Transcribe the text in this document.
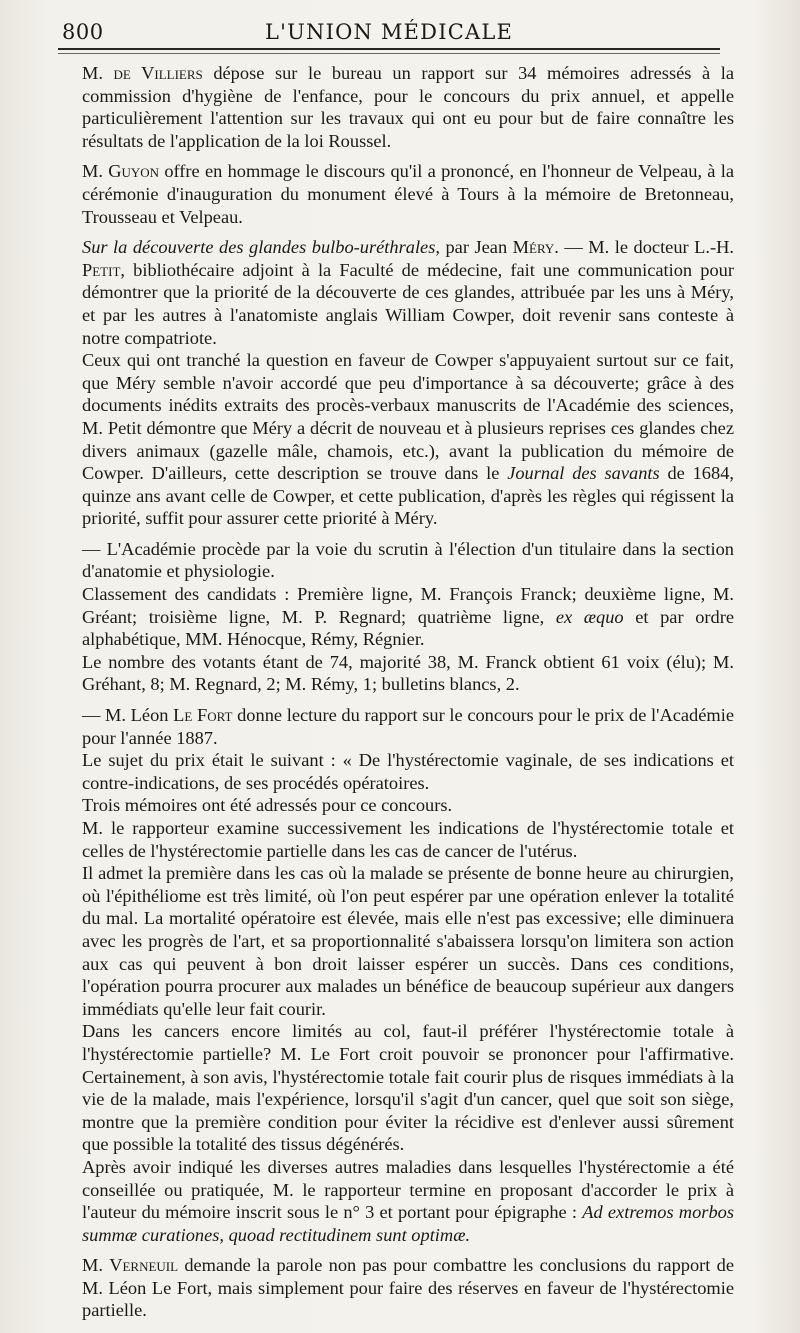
800	L'UNION MÉDICALE

M. de Villiers dépose sur le bureau un rapport sur 34 mémoires adressés à la commission d'hygiène de l'enfance, pour le concours du prix annuel, et appelle particulièrement l'attention sur les travaux qui ont eu pour but de faire connaître les résultats de l'application de la loi Roussel.

M. Guyon offre en hommage le discours qu'il a prononcé, en l'honneur de Velpeau, à la cérémonie d'inauguration du monument élevé à Tours à la mémoire de Bretonneau, Trousseau et Velpeau.

Sur la découverte des glandes bulbo-uréthrales, par Jean Méry. — M. le docteur L.-H. Petit, bibliothécaire adjoint à la Faculté de médecine, fait une communication pour démontrer que la priorité de la découverte de ces glandes, attribuée par les uns à Méry, et par les autres à l'anatomiste anglais William Cowper, doit revenir sans conteste à notre compatriote.

Ceux qui ont tranché la question en faveur de Cowper s'appuyaient surtout sur ce fait, que Méry semble n'avoir accordé que peu d'importance à sa découverte; grâce à des documents inédits extraits des procès-verbaux manuscrits de l'Académie des sciences, M. Petit démontre que Méry a décrit de nouveau et à plusieurs reprises ces glandes chez divers animaux (gazelle mâle, chamois, etc.), avant la publication du mémoire de Cowper. D'ailleurs, cette description se trouve dans le Journal des savants de 1684, quinze ans avant celle de Cowper, et cette publication, d'après les règles qui régissent la priorité, suffit pour assurer cette priorité à Méry.

— L'Académie procède par la voie du scrutin à l'élection d'un titulaire dans la section d'anatomie et physiologie.

Classement des candidats : Première ligne, M. François Franck; deuxième ligne, M. Gréant; troisième ligne, M. P. Regnard; quatrième ligne, ex æquo et par ordre alphabétique, MM. Hénocque, Rémy, Régnier.

Le nombre des votants étant de 74, majorité 38, M. Franck obtient 61 voix (élu); M. Gréhant, 8; M. Regnard, 2; M. Rémy, 1; bulletins blancs, 2.

— M. Léon Le Fort donne lecture du rapport sur le concours pour le prix de l'Académie pour l'année 1887.

Le sujet du prix était le suivant : « De l'hystérectomie vaginale, de ses indications et contre-indications, de ses procédés opératoires.

Trois mémoires ont été adressés pour ce concours.

M. le rapporteur examine successivement les indications de l'hystérectomie totale et celles de l'hystérectomie partielle dans les cas de cancer de l'utérus.

Il admet la première dans les cas où la malade se présente de bonne heure au chirurgien, où l'épithéliome est très limité, où l'on peut espérer par une opération enlever la totalité du mal. La mortalité opératoire est élevée, mais elle n'est pas excessive; elle diminuera avec les progrès de l'art, et sa proportionnalité s'abaissera lorsqu'on limitera son action aux cas qui peuvent à bon droit laisser espérer un succès. Dans ces conditions, l'opération pourra procurer aux malades un bénéfice de beaucoup supérieur aux dangers immédiats qu'elle leur fait courir.

Dans les cancers encore limités au col, faut-il préférer l'hystérectomie totale à l'hystérectomie partielle? M. Le Fort croit pouvoir se prononcer pour l'affirmative. Certainement, à son avis, l'hystérectomie totale fait courir plus de risques immédiats à la vie de la malade, mais l'expérience, lorsqu'il s'agit d'un cancer, quel que soit son siège, montre que la première condition pour éviter la récidive est d'enlever aussi sûrement que possible la totalité des tissus dégénérés.

Après avoir indiqué les diverses autres maladies dans lesquelles l'hystérectomie a été conseillée ou pratiquée, M. le rapporteur termine en proposant d'accorder le prix à l'auteur du mémoire inscrit sous le n° 3 et portant pour épigraphe : Ad extremos morbos summæ curationes, quoad rectitudinem sunt optimæ.

M. Verneuil demande la parole non pas pour combattre les conclusions du rapport de M. Léon Le Fort, mais simplement pour faire des réserves en faveur de l'hystérectomie partielle.
